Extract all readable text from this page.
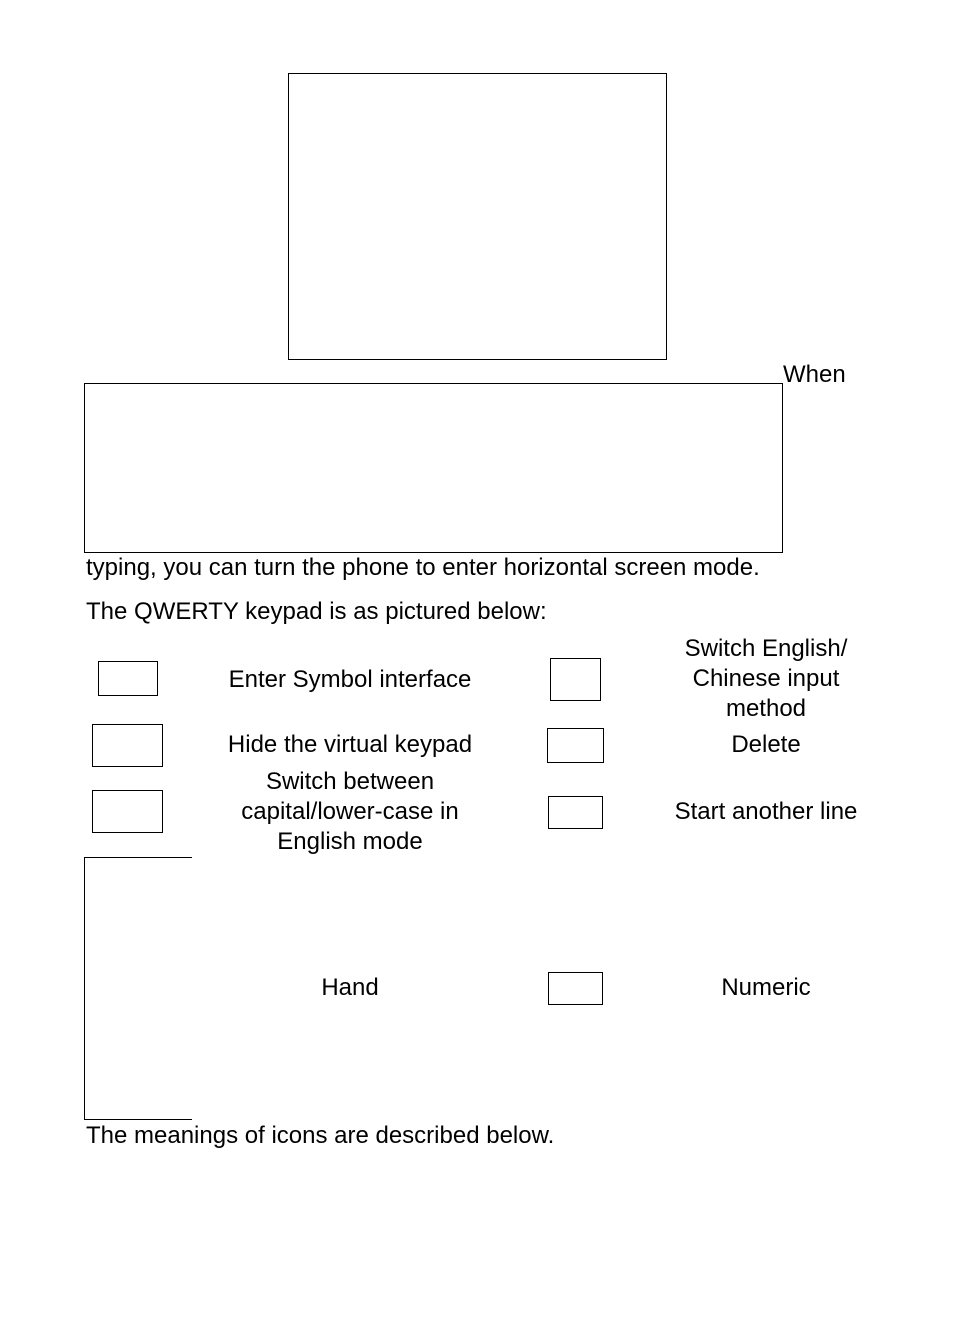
When
typing, you can turn the phone to enter horizontal screen mode.
The QWERTY keypad is as pictured below:
Enter Symbol interface
Switch English/ Chinese input method
Hide the virtual keypad	Delete
Switch between capital/lower-case in English mode
Start another line
Hand	Numeric
The meanings of icons are described below.
